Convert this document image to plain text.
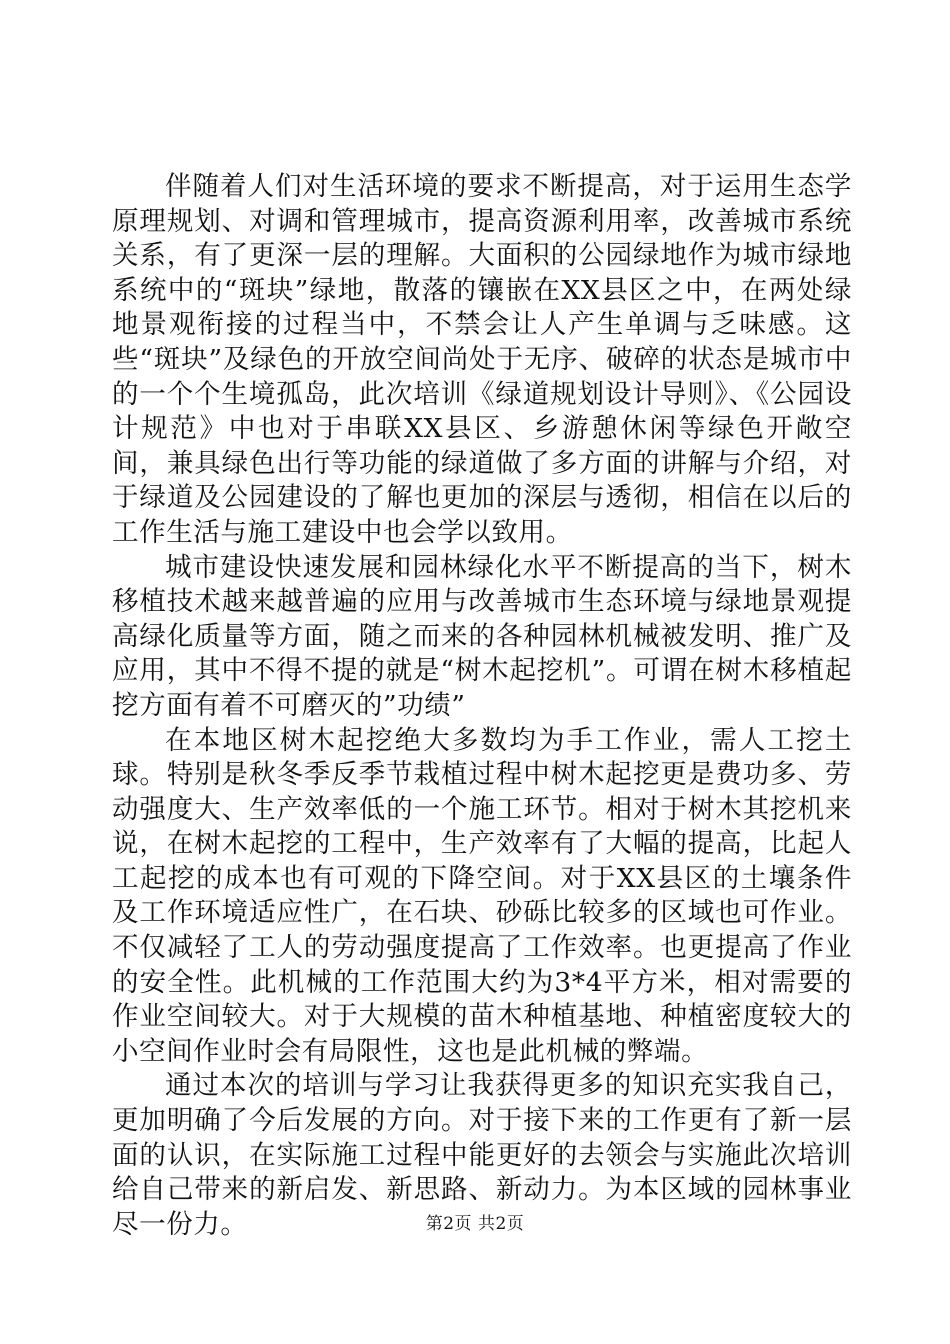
伴随着人们对生活环境的要求不断提高，对于运用生态学原理规划、对调和管理城市，提高资源利用率，改善城市系统关系，有了更深一层的理解。大面积的公园绿地作为城市绿地系统中的“斑块”绿地，散落的镶嵌在XX县区之中，在两处绿地景观衔接的过程当中，不禁会让人产生单调与乏味感。这些“斑块”及绿色的开放空间尚处于无序、破碎的状态是城市中的一个个生境孤岛，此次培训《绿道规划设计导则》、《公园设计规范》中也对于串联XX县区、乡游憩休闲等绿色开敞空间，兼具绿色出行等功能的绿道做了多方面的讲解与介绍，对于绿道及公园建设的了解也更加的深层与透彻，相信在以后的工作生活与施工建设中也会学以致用。

城市建设快速发展和园林绿化水平不断提高的当下，树木移植技术越来越普遍的应用与改善城市生态环境与绿地景观提高绿化质量等方面，随之而来的各种园林机械被发明、推广及应用，其中不得不提的就是“树木起挖机”。可谓在树木移植起挖方面有着不可磨灭的”功绩”

在本地区树木起挖绝大多数均为手工作业，需人工挖土球。特别是秋冬季反季节栽植过程中树木起挖更是费功多、劳动强度大、生产效率低的一个施工环节。相对于树木其挖机来说，在树木起挖的工程中，生产效率有了大幅的提高，比起人工起挖的成本也有可观的下降空间。对于XX县区的土壤条件及工作环境适应性广，在石块、砂砾比较多的区域也可作业。不仅减轻了工人的劳动强度提高了工作效率。也更提高了作业的安全性。此机械的工作范围大约为3*4平方米，相对需要的作业空间较大。对于大规模的苗木种植基地、种植密度较大的小空间作业时会有局限性，这也是此机械的弊端。

通过本次的培训与学习让我获得更多的知识充实我自己，更加明确了今后发展的方向。对于接下来的工作更有了新一层面的认识，在实际施工过程中能更好的去领会与实施此次培训给自己带来的新启发、新思路、新动力。为本区域的园林事业尽一份力。	第2页 共2页
